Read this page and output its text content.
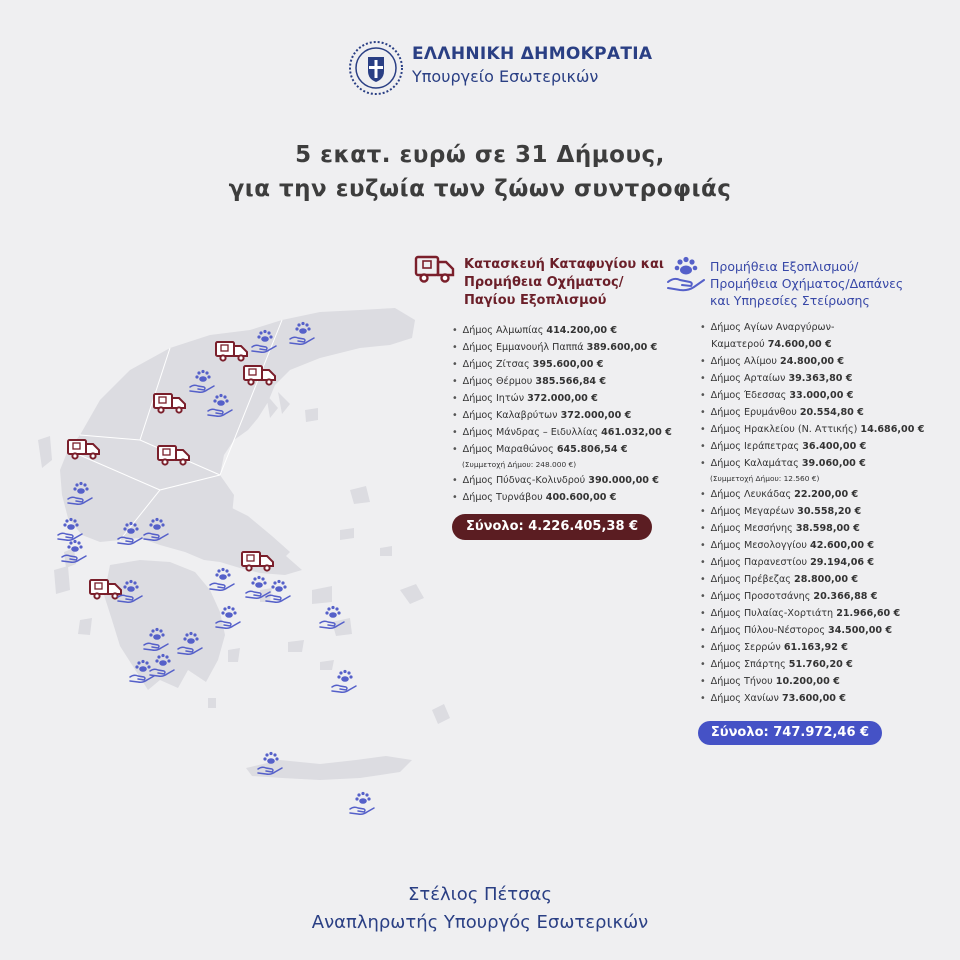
ΕΛΛΗΝΙΚΗ ΔΗΜΟΚΡΑΤΙΑ
Υπουργείο Εσωτερικών
5 εκατ. ευρώ σε 31 Δήμους,
για την ευζωία των ζώων συντροφιάς
Κατασκευή Καταφυγίου και
Προμήθεια Οχήματος/
Παγίου Εξοπλισμού
• Δήμος Αλμωπίας 414.200,00 €
• Δήμος Εμμανουήλ Παππά 389.600,00 €
• Δήμος Ζίτσας 395.600,00 €
• Δήμος Θέρμου 385.566,84 €
• Δήμος Ιητών 372.000,00 €
• Δήμος Καλαβρύτων 372.000,00 €
• Δήμος Μάνδρας – Ειδυλλίας 461.032,00 €
• Δήμος Μαραθώνος 645.806,54 €
(Συμμετοχή Δήμου: 248.000 €)
• Δήμος Πύδνας-Κολινδρού 390.000,00 €
• Δήμος Τυρνάβου 400.600,00 €
Σύνολο: 4.226.405,38 €
Προμήθεια Εξοπλισμού/
Προμήθεια Οχήματος/Δαπάνες
και Υπηρεσίες Στείρωσης
• Δήμος Αγίων Αναργύρων-
Καματερού 74.600,00 €
• Δήμος Αλίμου 24.800,00 €
• Δήμος Αρταίων 39.363,80 €
• Δήμος Έδεσσας 33.000,00 €
• Δήμος Ερυμάνθου 20.554,80 €
• Δήμος Ηρακλείου (Ν. Αττικής) 14.686,00 €
• Δήμος Ιεράπετρας 36.400,00 €
• Δήμος Καλαμάτας 39.060,00 €
(Συμμετοχή Δήμου: 12.560 €)
• Δήμος Λευκάδας 22.200,00 €
• Δήμος Μεγαρέων 30.558,20 €
• Δήμος Μεσσήνης 38.598,00 €
• Δήμος Μεσολογγίου 42.600,00 €
• Δήμος Παρανεστίου 29.194,06 €
• Δήμος Πρέβεζας 28.800,00 €
• Δήμος Προσοτσάνης 20.366,88 €
• Δήμος Πυλαίας-Χορτιάτη 21.966,60 €
• Δήμος Πύλου-Νέστορος 34.500,00 €
• Δήμος Σερρών 61.163,92 €
• Δήμος Σπάρτης 51.760,20 €
• Δήμος Τήνου 10.200,00 €
• Δήμος Χανίων 73.600,00 €
Σύνολο: 747.972,46 €
Στέλιος Πέτσας
Αναπληρωτής Υπουργός Εσωτερικών
